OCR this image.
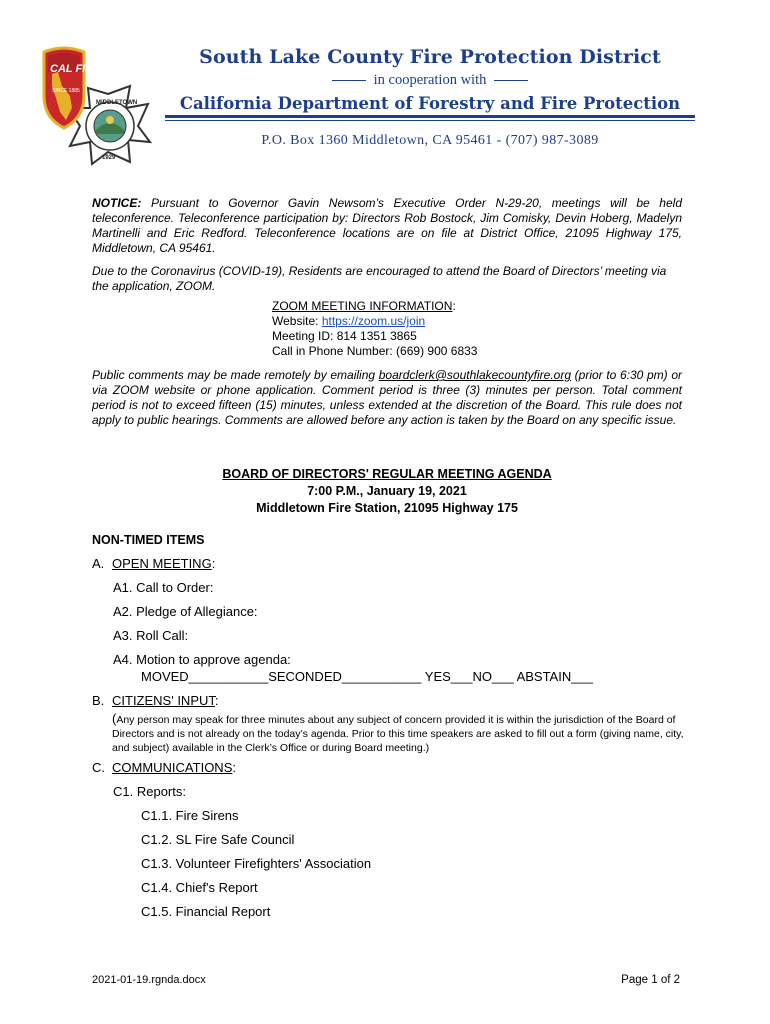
MIDDLETOWN
1929
CAL FIRE
SINCE 1885
South Lake County Fire Protection District
in cooperation with
California Department of Forestry and Fire Protection
P.O. Box 1360 Middletown, CA 95461 - (707) 987-3089
NOTICE: Pursuant to Governor Gavin Newsom’s Executive Order N-29-20, meetings will be held teleconference. Teleconference participation by: Directors Rob Bostock, Jim Comisky, Devin Hoberg, Madelyn Martinelli and Eric Redford. Teleconference locations are on file at District Office, 21095 Highway 175, Middletown, CA 95461.
Due to the Coronavirus (COVID-19), Residents are encouraged to attend the Board of Directors’ meeting via the application, ZOOM.
ZOOM MEETING INFORMATION:
Website: https://zoom.us/join
Meeting ID: 814 1351 3865
Call in Phone Number: (669) 900 6833
Public comments may be made remotely by emailing boardclerk@southlakecountyfire.org (prior to 6:30 pm) or via ZOOM website or phone application. Comment period is three (3) minutes per person. Total comment period is not to exceed fifteen (15) minutes, unless extended at the discretion of the Board. This rule does not apply to public hearings. Comments are allowed before any action is taken by the Board on any specific issue.
BOARD OF DIRECTORS' REGULAR MEETING AGENDA
7:00 P.M., January 19, 2021
Middletown Fire Station, 21095 Highway 175
NON-TIMED ITEMS
A. OPEN MEETING:
A1. Call to Order:
A2. Pledge of Allegiance:
A3. Roll Call:
A4. Motion to approve agenda:
MOVED___________SECONDED___________ YES___NO___ ABSTAIN___
B. CITIZENS' INPUT:
(Any person may speak for three minutes about any subject of concern provided it is within the jurisdiction of the Board of Directors and is not already on the today’s agenda. Prior to this time speakers are asked to fill out a form (giving name, city, and subject) available in the Clerk’s Office or during Board meeting.)
C. COMMUNICATIONS:
C1. Reports:
C1.1. Fire Sirens
C1.2. SL Fire Safe Council
C1.3. Volunteer Firefighters' Association
C1.4. Chief's Report
C1.5. Financial Report
2021-01-19.rgnda.docx	Page 1 of 2
